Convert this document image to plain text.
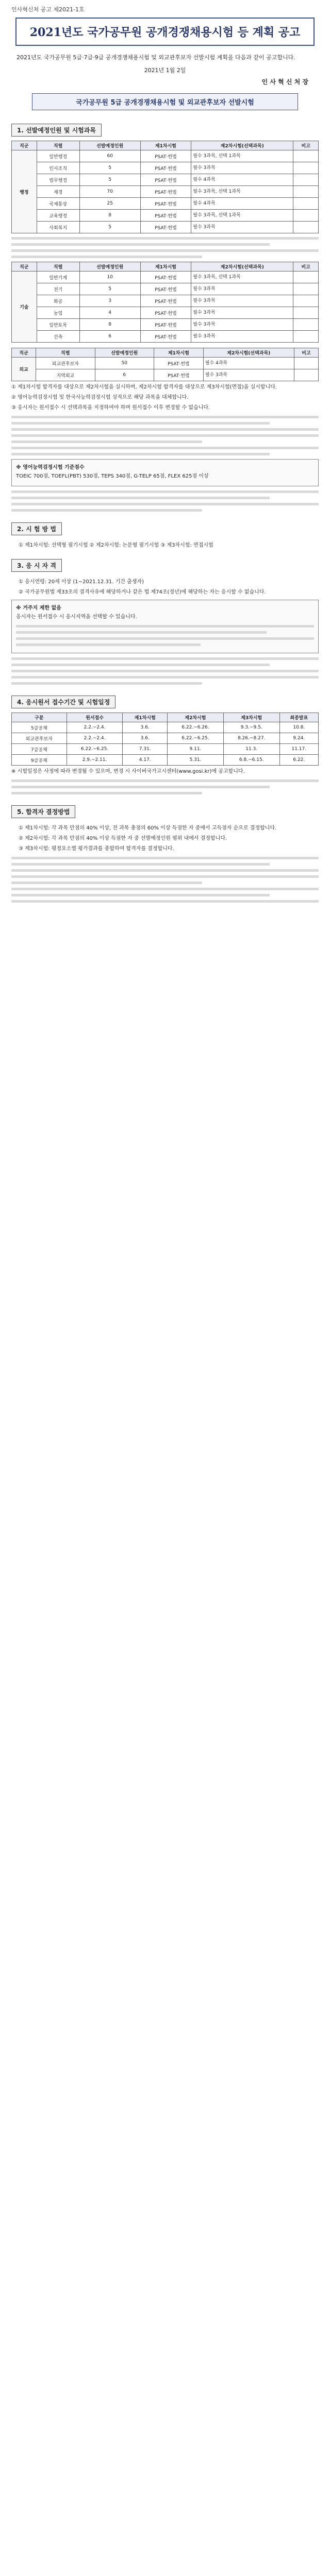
인사혁신처 공고 제2021-1호
2021년도 국가공무원 공개경쟁채용시험 등 계획 공고

2021년도 국가공무원 5급·7급·9급 공개경쟁채용시험 및 외교관후보자 선발시험 계획을 다음과 같이 공고합니다.

2021년 1월 2일
인 사 혁 신 처 장
국가공무원 5급 공개경쟁채용시험 및 외교관후보자 선발시험
1. 선발예정인원 및 시험과목
직군	직렬	선발예정인원	제1차시험	제2차시험(선택과목)	비고
행정	일반행정	60	PSAT·헌법	필수 3과목, 선택 1과목	
	인사조직	5	PSAT·헌법	필수 3과목	
	법무행정	5	PSAT·헌법	필수 4과목	
	재경	70	PSAT·헌법	필수 3과목, 선택 1과목	
	국제통상	25	PSAT·헌법	필수 4과목	
	교육행정	8	PSAT·헌법	필수 3과목, 선택 1과목	
	사회복지	5	PSAT·헌법	필수 3과목	
직군	직렬	선발예정인원	제1차시험	제2차시험(선택과목)	비고
기술	일반기계	10	PSAT·헌법	필수 3과목, 선택 1과목	
	전기	5	PSAT·헌법	필수 3과목	
	화공	3	PSAT·헌법	필수 3과목	
	농업	4	PSAT·헌법	필수 3과목	
	일반토목	8	PSAT·헌법	필수 3과목	
	건축	6	PSAT·헌법	필수 3과목	
직군	직렬	선발예정인원	제1차시험	제2차시험(선택과목)	비고
외교	외교관후보자	50	PSAT·헌법	필수 4과목	
	지역외교	6	PSAT·헌법	필수 3과목	

① 제1차시험 합격자를 대상으로 제2차시험을 실시하며, 제2차시험 합격자를 대상으로 제3차시험(면접)을 실시합니다.

② 영어능력검정시험 및 한국사능력검정시험 성적으로 해당 과목을 대체합니다.

③ 응시자는 원서접수 시 선택과목을 지정하여야 하며 원서접수 이후 변경할 수 없습니다.

※ 영어능력검정시험 기준점수
TOEIC 700점, TOEFL(PBT) 530점, TEPS 340점, G-TELP 65점, FLEX 625점 이상
2. 시 험 방 법

① 제1차시험: 선택형 필기시험 ② 제2차시험: 논문형 필기시험 ③ 제3차시험: 면접시험

3. 응 시 자 격

① 응시연령: 20세 이상 (1~2021.12.31. 기간 출생자)

② 국가공무원법 제33조의 결격사유에 해당하거나 같은 법 제74조(정년)에 해당하는 자는 응시할 수 없습니다.

※ 거주지 제한 없음
응시자는 원서접수 시 응시지역을 선택할 수 있습니다.
4. 응시원서 접수기간 및 시험일정
구분	원서접수	제1차시험	제2차시험	제3차시험	최종발표
5급공채	2.2.~2.4.	3.6.	6.22.~6.26.	9.3.~9.5.	10.8.
외교관후보자	2.2.~2.4.	3.6.	6.22.~6.25.	8.26.~8.27.	9.24.
7급공채	6.22.~6.25.	7.31.	9.11.	11.3.	11.17.
9급공채	2.9.~2.11.	4.17.	5.31.	6.8.~6.15.	6.22.

※ 시험일정은 사정에 따라 변경될 수 있으며, 변경 시 사이버국가고시센터(www.gosi.kr)에 공고합니다.

5. 합격자 결정방법

① 제1차시험: 각 과목 만점의 40% 이상, 전 과목 총점의 60% 이상 득점한 자 중에서 고득점자 순으로 결정합니다.

② 제2차시험: 각 과목 만점의 40% 이상 득점한 자 중 선발예정인원 범위 내에서 결정합니다.

③ 제3차시험: 평정요소별 평가결과를 종합하여 합격자를 결정합니다.
